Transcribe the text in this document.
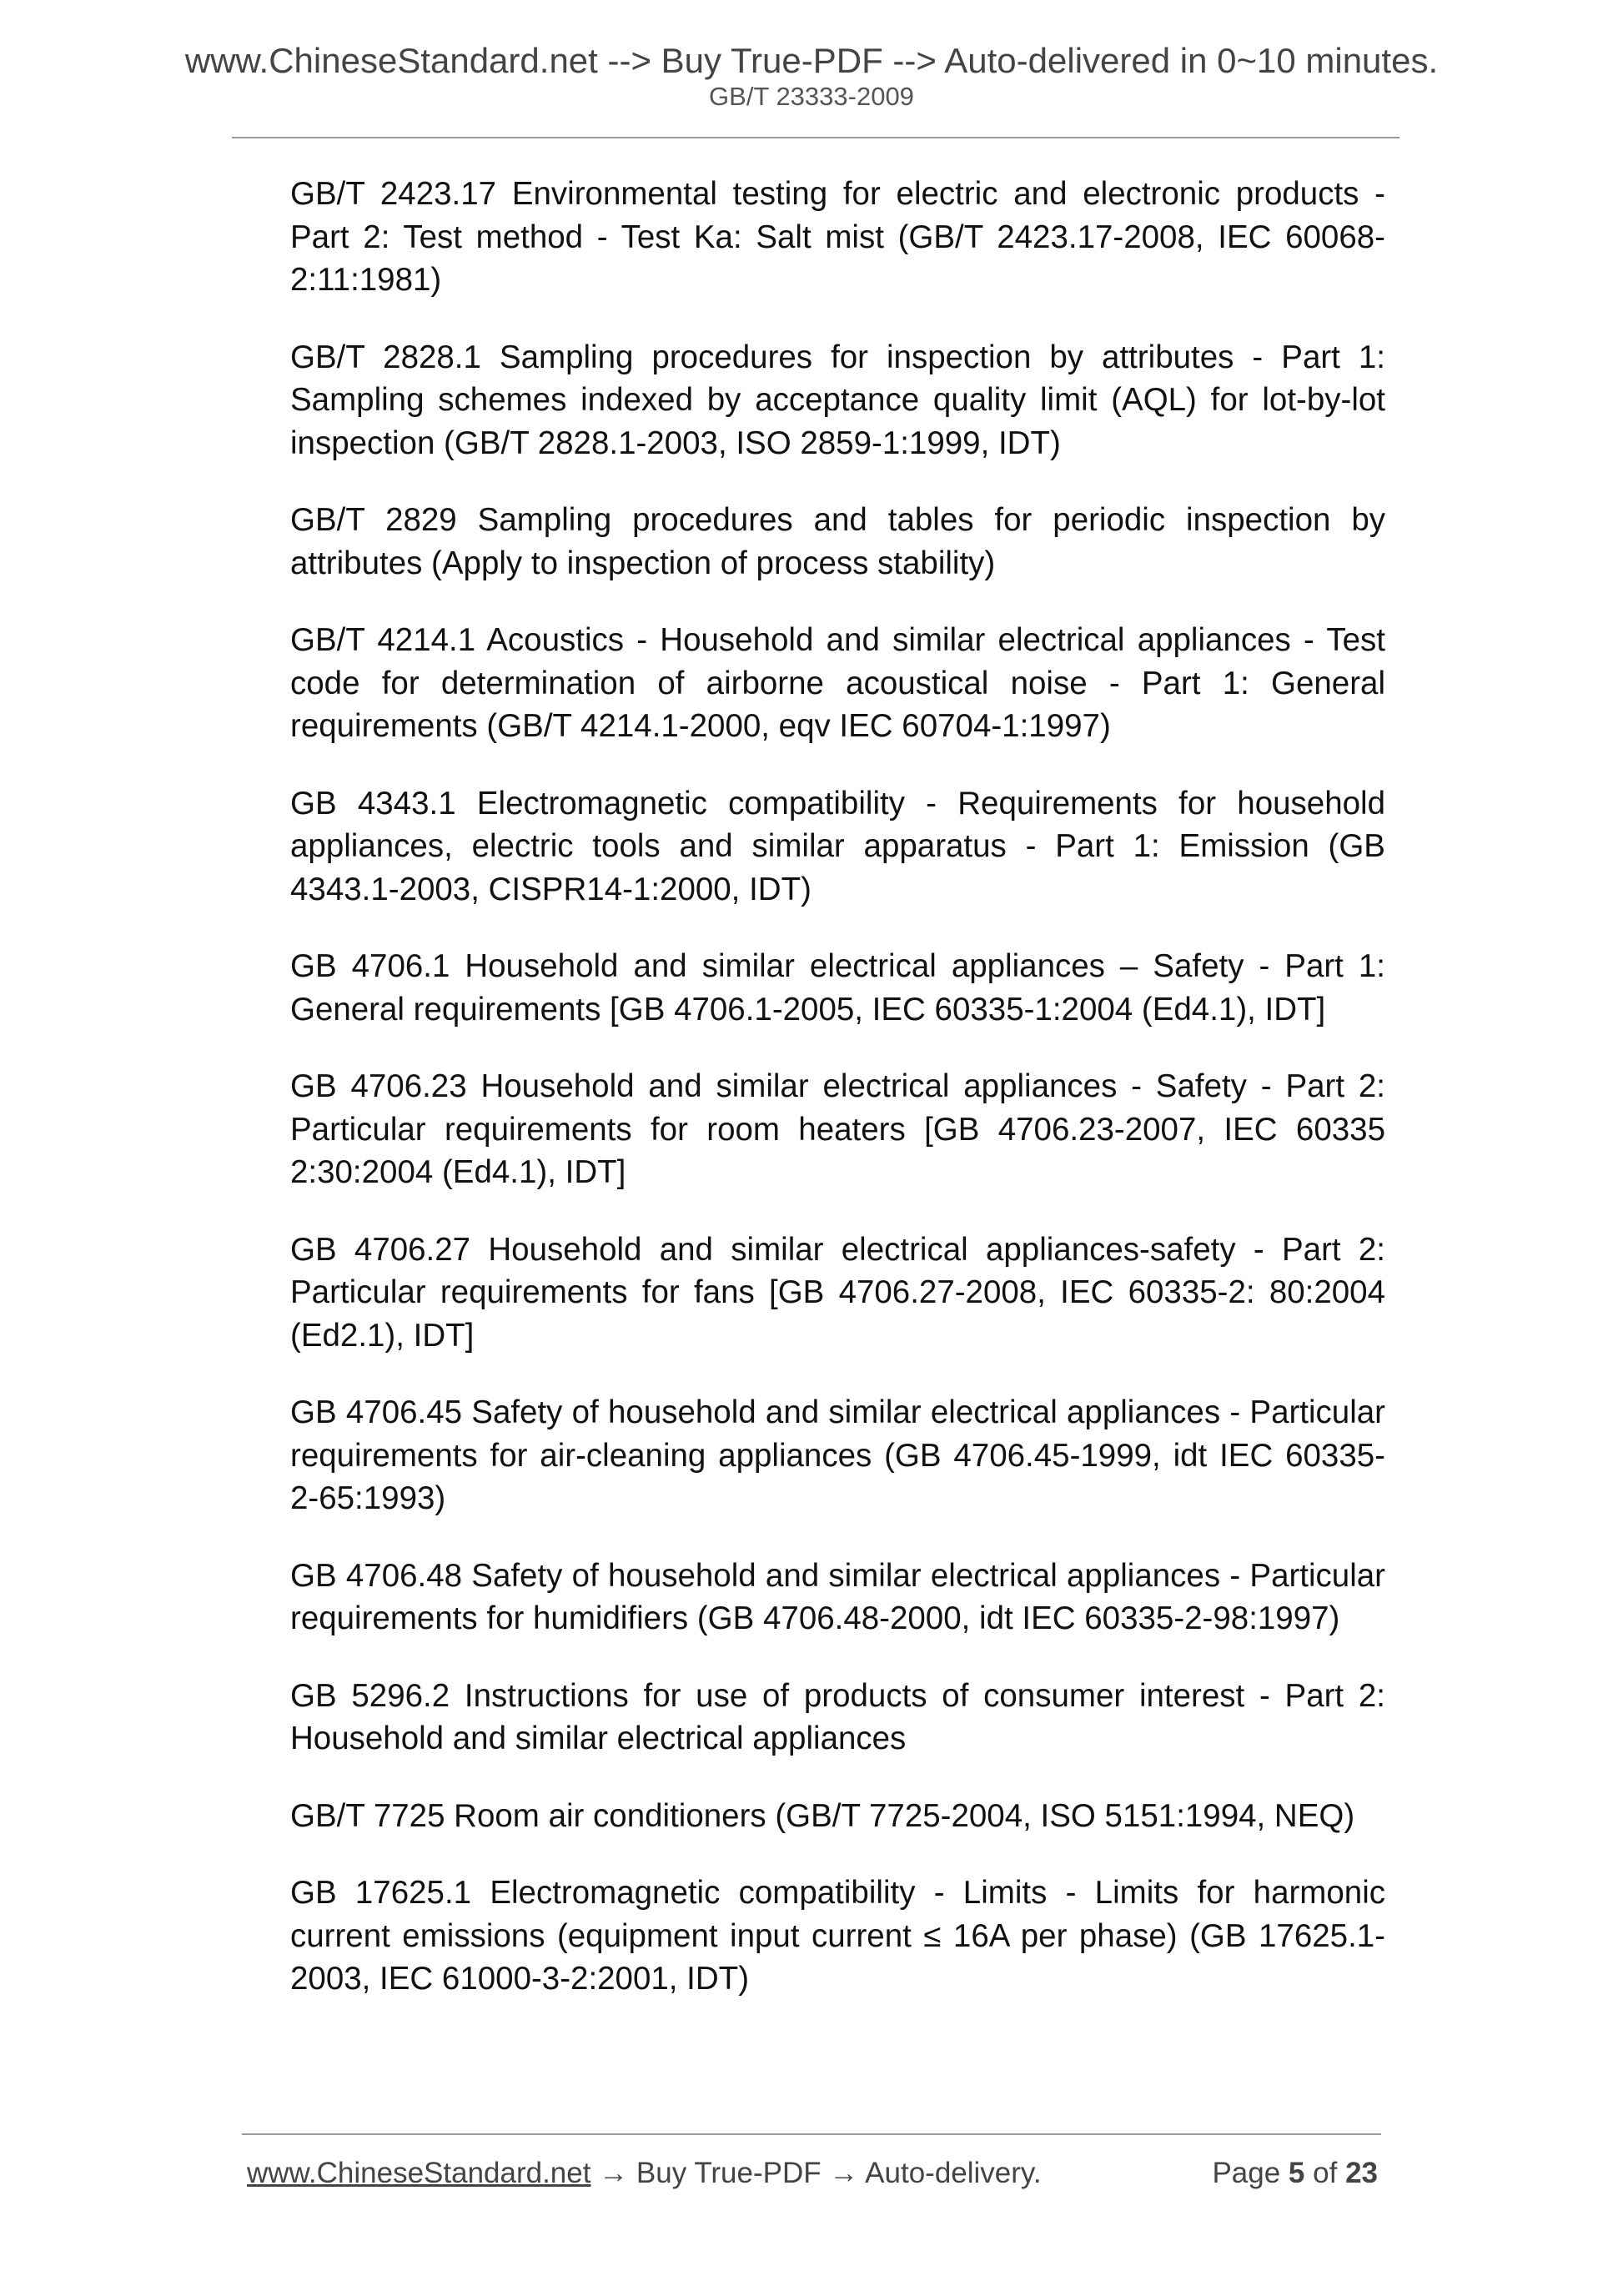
www.ChineseStandard.net --> Buy True-PDF --> Auto-delivered in 0~10 minutes.
GB/T 23333-2009

GB/T 2423.17 Environmental testing for electric and electronic products - Part 2: Test method - Test Ka: Salt mist (GB/T 2423.17-2008, IEC 60068-2:11:1981)

GB/T 2828.1 Sampling procedures for inspection by attributes - Part 1: Sampling schemes indexed by acceptance quality limit (AQL) for lot-by-lot inspection (GB/T 2828.1-2003, ISO 2859-1:1999, IDT)

GB/T 2829 Sampling procedures and tables for periodic inspection by attributes (Apply to inspection of process stability)

GB/T 4214.1 Acoustics - Household and similar electrical appliances - Test code for determination of airborne acoustical noise - Part 1: General requirements (GB/T 4214.1-2000, eqv IEC 60704-1:1997)

GB 4343.1 Electromagnetic compatibility - Requirements for household appliances, electric tools and similar apparatus - Part 1: Emission (GB 4343.1-2003, CISPR14-1:2000, IDT)

GB 4706.1 Household and similar electrical appliances – Safety - Part 1: General requirements [GB 4706.1-2005, IEC 60335-1:2004 (Ed4.1), IDT]

GB 4706.23 Household and similar electrical appliances - Safety - Part 2: Particular requirements for room heaters [GB 4706.23-2007, IEC 60335 2:30:2004 (Ed4.1), IDT]

GB 4706.27 Household and similar electrical appliances-safety - Part 2: Particular requirements for fans [GB 4706.27-2008, IEC 60335-2: 80:2004 (Ed2.1), IDT]

GB 4706.45 Safety of household and similar electrical appliances - Particular requirements for air-cleaning appliances (GB 4706.45-1999, idt IEC 60335-2-65:1993)

GB 4706.48 Safety of household and similar electrical appliances - Particular requirements for humidifiers (GB 4706.48-2000, idt IEC 60335-2-98:1997)

GB 5296.2 Instructions for use of products of consumer interest - Part 2: Household and similar electrical appliances

GB/T 7725 Room air conditioners (GB/T 7725-2004, ISO 5151:1994, NEQ)

GB 17625.1 Electromagnetic compatibility - Limits - Limits for harmonic current emissions (equipment input current ≤ 16A per phase) (GB 17625.1-2003, IEC 61000-3-2:2001, IDT)

www.ChineseStandard.net → Buy True-PDF → Auto-delivery.	Page 5 of 23
